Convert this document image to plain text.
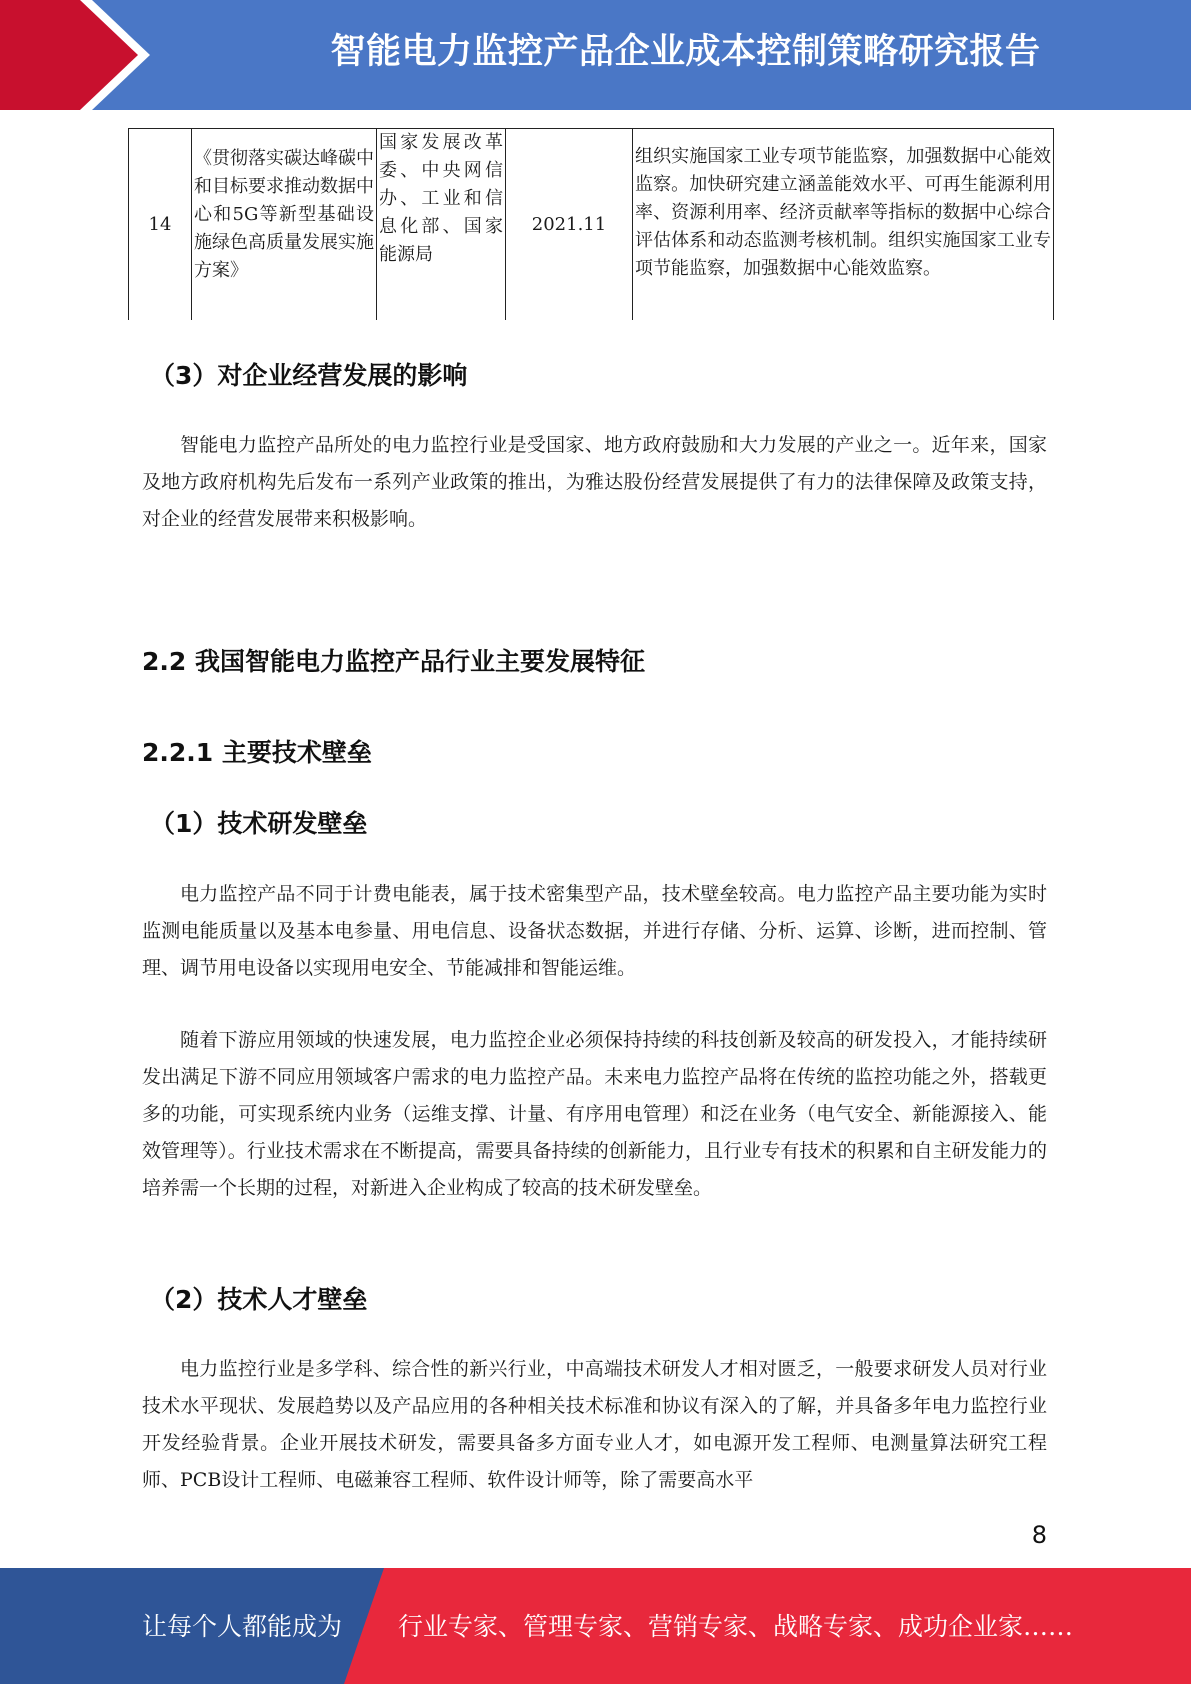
智能电力监控产品企业成本控制策略研究报告
14	《贯彻落实碳达峰碳中和目标要求推动数据中心和5G等新型基础设施绿色高质量发展实施方案》	国家发展改革委、中央网信办、工业和信息化部、国家能源局	2021.11	组织实施国家工业专项节能监察，加强数据中心能效监察。加快研究建立涵盖能效水平、可再生能源利用率、资源利用率、经济贡献率等指标的数据中心综合评估体系和动态监测考核机制。组织实施国家工业专项节能监察，加强数据中心能效监察。
（3）对企业经营发展的影响

智能电力监控产品所处的电力监控行业是受国家、地方政府鼓励和大力发展的产业之一。近年来，国家及地方政府机构先后发布一系列产业政策的推出，为雅达股份经营发展提供了有力的法律保障及政策支持，对企业的经营发展带来积极影响。

2.2 我国智能电力监控产品行业主要发展特征
2.2.1 主要技术壁垒
（1）技术研发壁垒

电力监控产品不同于计费电能表，属于技术密集型产品，技术壁垒较高。电力监控产品主要功能为实时监测电能质量以及基本电参量、用电信息、设备状态数据，并进行存储、分析、运算、诊断，进而控制、管理、调节用电设备以实现用电安全、节能减排和智能运维。

随着下游应用领域的快速发展，电力监控企业必须保持持续的科技创新及较高的研发投入，才能持续研发出满足下游不同应用领域客户需求的电力监控产品。未来电力监控产品将在传统的监控功能之外，搭载更多的功能，可实现系统内业务（运维支撑、计量、有序用电管理）和泛在业务（电气安全、新能源接入、能效管理等）。行业技术需求在不断提高，需要具备持续的创新能力，且行业专有技术的积累和自主研发能力的培养需一个长期的过程，对新进入企业构成了较高的技术研发壁垒。

（2）技术人才壁垒

电力监控行业是多学科、综合性的新兴行业，中高端技术研发人才相对匮乏，一般要求研发人员对行业技术水平现状、发展趋势以及产品应用的各种相关技术标准和协议有深入的了解，并具备多年电力监控行业开发经验背景。企业开展技术研发，需要具备多方面专业人才，如电源开发工程师、电测量算法研究工程师、PCB设计工程师、电磁兼容工程师、软件设计师等，除了需要高水平

8
让每个人都能成为 行业专家、管理专家、营销专家、战略专家、成功企业家……
